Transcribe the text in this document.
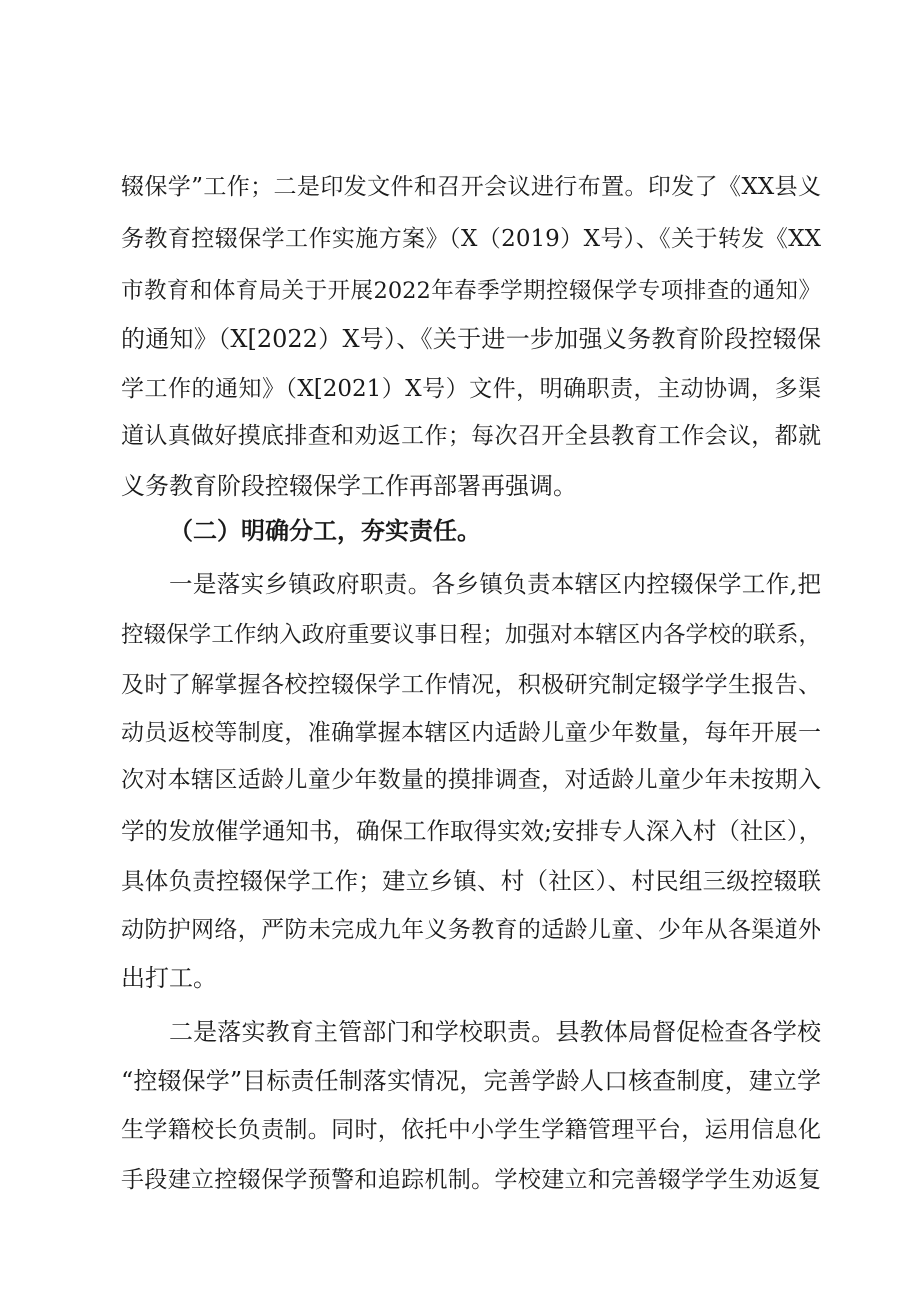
辍保学”工作；二是印发文件和召开会议进行布置。印发了《XX县义
务教育控辍保学工作实施方案》（X（2019）X号）、《关于转发《XX
市教育和体育局关于开展2022年春季学期控辍保学专项排查的通知》
的通知》（X[2022）X号）、《关于进一步加强义务教育阶段控辍保
学工作的通知》（X[2021）X号）文件，明确职责，主动协调，多渠
道认真做好摸底排查和劝返工作；每次召开全县教育工作会议，都就
义务教育阶段控辍保学工作再部署再强调。
（二）明确分工，夯实责任。
一是落实乡镇政府职责。各乡镇负责本辖区内控辍保学工作,把
控辍保学工作纳入政府重要议事日程；加强对本辖区内各学校的联系，
及时了解掌握各校控辍保学工作情况，积极研究制定辍学学生报告、
动员返校等制度，准确掌握本辖区内适龄儿童少年数量，每年开展一
次对本辖区适龄儿童少年数量的摸排调查，对适龄儿童少年未按期入
学的发放催学通知书，确保工作取得实效;安排专人深入村（社区），
具体负责控辍保学工作；建立乡镇、村（社区）、村民组三级控辍联
动防护网络，严防未完成九年义务教育的适龄儿童、少年从各渠道外
出打工。
二是落实教育主管部门和学校职责。县教体局督促检查各学校
“控辍保学”目标责任制落实情况，完善学龄人口核查制度，建立学
生学籍校长负责制。同时，依托中小学生学籍管理平台，运用信息化
手段建立控辍保学预警和追踪机制。学校建立和完善辍学学生劝返复
